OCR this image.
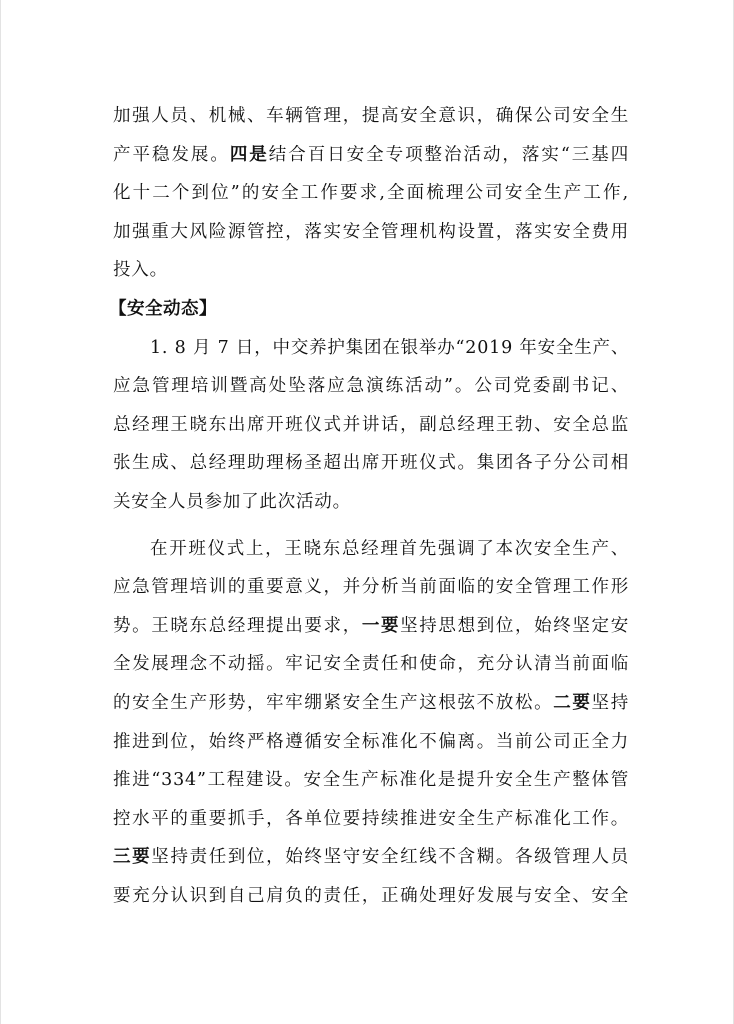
加强人员、机械、车辆管理，提高安全意识，确保公司安全生
产平稳发展。四是结合百日安全专项整治活动，落实“三基四
化十二个到位”的安全工作要求,全面梳理公司安全生产工作,
加强重大风险源管控，落实安全管理机构设置，落实安全费用
投入。
【安全动态】
1. 8 月 7 日，中交养护集团在银举办“2019 年安全生产、
应急管理培训暨高处坠落应急演练活动”。公司党委副书记、
总经理王晓东出席开班仪式并讲话，副总经理王勃、安全总监
张生成、总经理助理杨圣超出席开班仪式。集团各子分公司相
关安全人员参加了此次活动。
在开班仪式上，王晓东总经理首先强调了本次安全生产、
应急管理培训的重要意义，并分析当前面临的安全管理工作形
势。王晓东总经理提出要求，一要坚持思想到位，始终坚定安
全发展理念不动摇。牢记安全责任和使命，充分认清当前面临
的安全生产形势，牢牢绷紧安全生产这根弦不放松。二要坚持
推进到位，始终严格遵循安全标准化不偏离。当前公司正全力
推进“334”工程建设。安全生产标准化是提升安全生产整体管
控水平的重要抓手，各单位要持续推进安全生产标准化工作。
三要坚持责任到位，始终坚守安全红线不含糊。各级管理人员
要充分认识到自己肩负的责任，正确处理好发展与安全、安全
